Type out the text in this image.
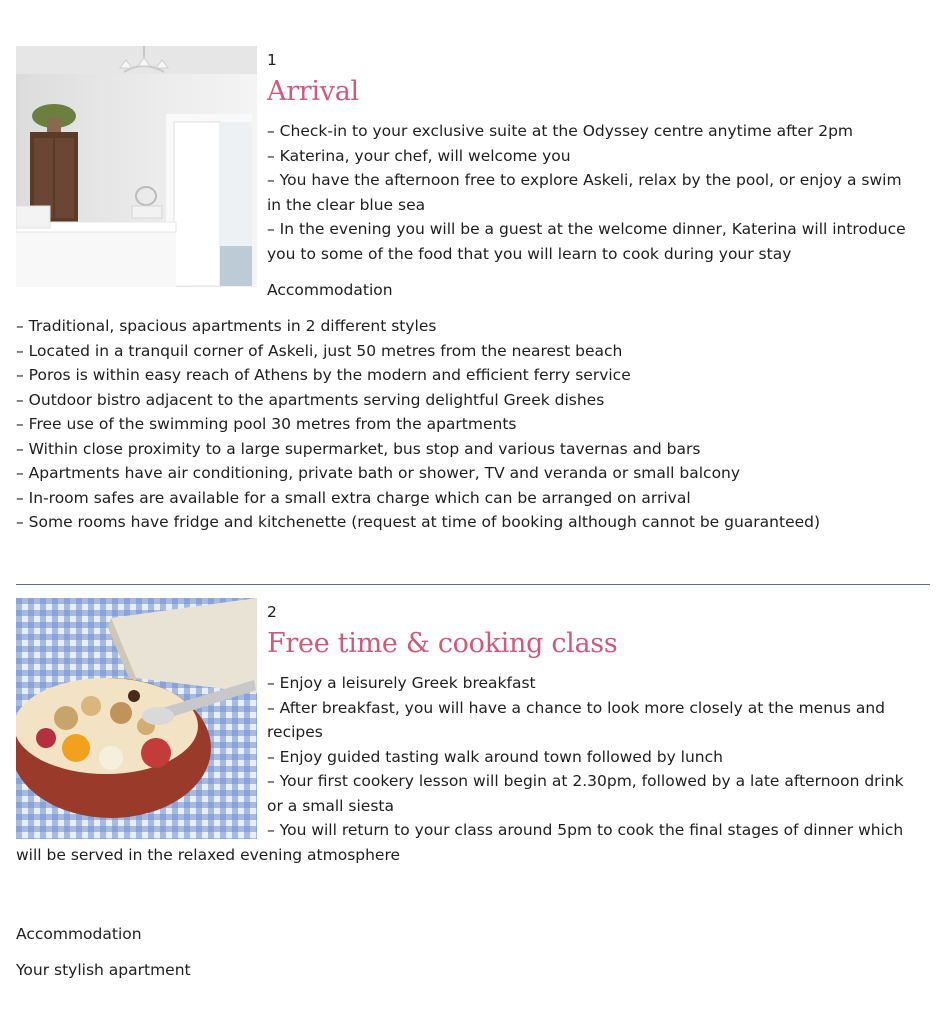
1
Arrival

– Check-in to your exclusive suite at the Odyssey centre anytime after 2pm

– Katerina, your chef, will welcome you

– You have the afternoon free to explore Askeli, relax by the pool, or enjoy a swim in the clear blue sea

– In the evening you will be a guest at the welcome dinner, Katerina will introduce you to some of the food that you will learn to cook during your stay

Accommodation
– Traditional, spacious apartments in 2 different styles
– Located in a tranquil corner of Askeli, just 50 metres from the nearest beach
– Poros is within easy reach of Athens by the modern and efficient ferry service
– Outdoor bistro adjacent to the apartments serving delightful Greek dishes
– Free use of the swimming pool 30 metres from the apartments
– Within close proximity to a large supermarket, bus stop and various tavernas and bars
– Apartments have air conditioning, private bath or shower, TV and veranda or small balcony
– In-room safes are available for a small extra charge which can be arranged on arrival
– Some rooms have fridge and kitchenette (request at time of booking although cannot be guaranteed)
2
Free time & cooking class

– Enjoy a leisurely Greek breakfast

– After breakfast, you will have a chance to look more closely at the menus and recipes

– Enjoy guided tasting walk around town followed by lunch

– Your first cookery lesson will begin at 2.30pm, followed by a late afternoon drink or a small siesta

– You will return to your class around 5pm to cook the final stages of dinner which will be served in the relaxed evening atmosphere

Accommodation

Your stylish apartment
